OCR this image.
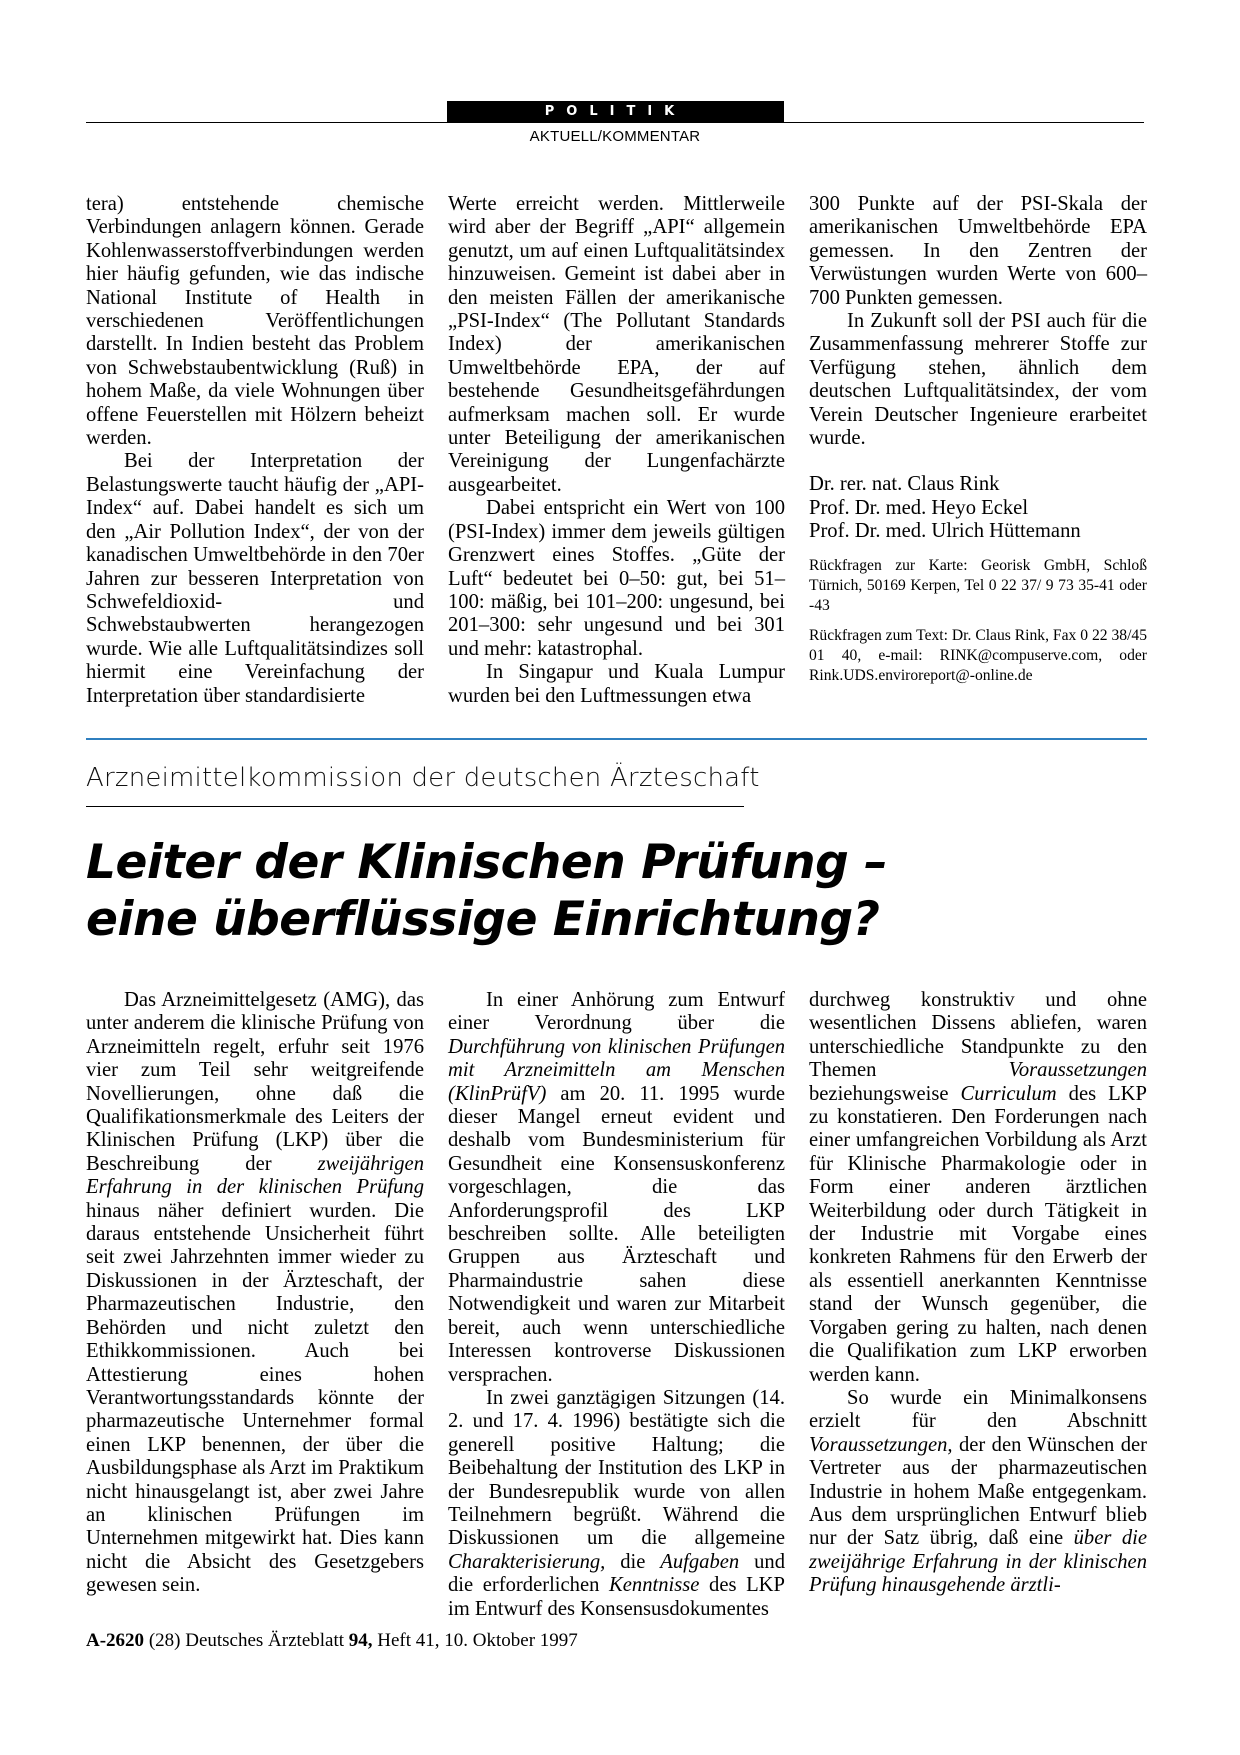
POLITIK
AKTUELL/KOMMENTAR

tera) entstehende chemische Verbindungen anlagern können. Gerade Kohlenwasserstoffverbindungen werden hier häufig gefunden, wie das indische National Institute of Health in verschiedenen Veröffentlichungen darstellt. In Indien besteht das Problem von Schwebstaubentwicklung (Ruß) in hohem Maße, da viele Wohnungen über offene Feuerstellen mit Hölzern beheizt werden.

Bei der Interpretation der Belastungswerte taucht häufig der „API-Index“ auf. Dabei handelt es sich um den „Air Pollution Index“, der von der kanadischen Umweltbehörde in den 70er Jahren zur besseren Interpretation von Schwefeldioxid- und Schwebstaubwerten herangezogen wurde. Wie alle Luftqualitätsindizes soll hiermit eine Vereinfachung der Interpretation über standardisierte

Werte erreicht werden. Mittlerweile wird aber der Begriff „API“ allgemein genutzt, um auf einen Luftqualitätsindex hinzuweisen. Gemeint ist dabei aber in den meisten Fällen der amerikanische „PSI-Index“ (The Pollutant Standards Index) der amerikanischen Umweltbehörde EPA, der auf bestehende Gesundheitsgefährdungen aufmerksam machen soll. Er wurde unter Beteiligung der amerikanischen Vereinigung der Lungenfachärzte ausgearbeitet.

Dabei entspricht ein Wert von 100 (PSI-Index) immer dem jeweils gültigen Grenzwert eines Stoffes. „Güte der Luft“ bedeutet bei 0–50: gut, bei 51–100: mäßig, bei 101–200: ungesund, bei 201–300: sehr ungesund und bei 301 und mehr: katastrophal.

In Singapur und Kuala Lumpur wurden bei den Luftmessungen etwa

300 Punkte auf der PSI-Skala der amerikanischen Umweltbehörde EPA gemessen. In den Zentren der Verwüstungen wurden Werte von 600–700 Punkten gemessen.

In Zukunft soll der PSI auch für die Zusammenfassung mehrerer Stoffe zur Verfügung stehen, ähnlich dem deutschen Luftqualitätsindex, der vom Verein Deutscher Ingenieure erarbeitet wurde.

Dr. rer. nat. Claus Rink

Prof. Dr. med. Heyo Eckel

Prof. Dr. med. Ulrich Hüttemann

Rückfragen zur Karte: Georisk GmbH, Schloß Türnich, 50169 Kerpen, Tel 0 22 37/ 9 73 35-41 oder -43

Rückfragen zum Text: Dr. Claus Rink, Fax 0 22 38/45 01 40, e-mail: RINK@compuserve.com, oder Rink.UDS.enviroreport@-online.de

Arzneimittelkommission der deutschen Ärzteschaft
Leiter der Klinischen Prüfung –
eine überflüssige Einrichtung?

Das Arzneimittelgesetz (AMG), das unter anderem die klinische Prüfung von Arzneimitteln regelt, erfuhr seit 1976 vier zum Teil sehr weitgreifende Novellierungen, ohne daß die Qualifikationsmerkmale des Leiters der Klinischen Prüfung (LKP) über die Beschreibung der zweijährigen Erfahrung in der klinischen Prüfung hinaus näher definiert wurden. Die daraus entstehende Unsicherheit führt seit zwei Jahrzehnten immer wieder zu Diskussionen in der Ärzteschaft, der Pharmazeutischen Industrie, den Behörden und nicht zuletzt den Ethikkommissionen. Auch bei Attestierung eines hohen Verantwortungsstandards könnte der pharmazeutische Unternehmer formal einen LKP benennen, der über die Ausbildungsphase als Arzt im Praktikum nicht hinausgelangt ist, aber zwei Jahre an klinischen Prüfungen im Unternehmen mitgewirkt hat. Dies kann nicht die Absicht des Gesetzgebers gewesen sein.

In einer Anhörung zum Entwurf einer Verordnung über die Durchführung von klinischen Prüfungen mit Arzneimitteln am Menschen (KlinPrüfV) am 20. 11. 1995 wurde dieser Mangel erneut evident und deshalb vom Bundesministerium für Gesundheit eine Konsensuskonferenz vorgeschlagen, die das Anforderungsprofil des LKP beschreiben sollte. Alle beteiligten Gruppen aus Ärzteschaft und Pharmaindustrie sahen diese Notwendigkeit und waren zur Mitarbeit bereit, auch wenn unterschiedliche Interessen kontroverse Diskussionen versprachen.

In zwei ganztägigen Sitzungen (14. 2. und 17. 4. 1996) bestätigte sich die generell positive Haltung; die Beibehaltung der Institution des LKP in der Bundesrepublik wurde von allen Teilnehmern begrüßt. Während die Diskussionen um die allgemeine Charakterisierung, die Aufgaben und die erforderlichen Kenntnisse des LKP im Entwurf des Konsensusdokumentes

durchweg konstruktiv und ohne wesentlichen Dissens abliefen, waren unterschiedliche Standpunkte zu den Themen Voraussetzungen beziehungsweise Curriculum des LKP zu konstatieren. Den Forderungen nach einer umfangreichen Vorbildung als Arzt für Klinische Pharmakologie oder in Form einer anderen ärztlichen Weiterbildung oder durch Tätigkeit in der Industrie mit Vorgabe eines konkreten Rahmens für den Erwerb der als essentiell anerkannten Kenntnisse stand der Wunsch gegenüber, die Vorgaben gering zu halten, nach denen die Qualifikation zum LKP erworben werden kann.

So wurde ein Minimalkonsens erzielt für den Abschnitt Voraussetzungen, der den Wünschen der Vertreter aus der pharmazeutischen Industrie in hohem Maße entgegenkam. Aus dem ursprünglichen Entwurf blieb nur der Satz übrig, daß eine über die zweijährige Erfahrung in der klinischen Prüfung hinausgehende ärztli-

A-2620 (28) Deutsches Ärzteblatt 94, Heft 41, 10. Oktober 1997
